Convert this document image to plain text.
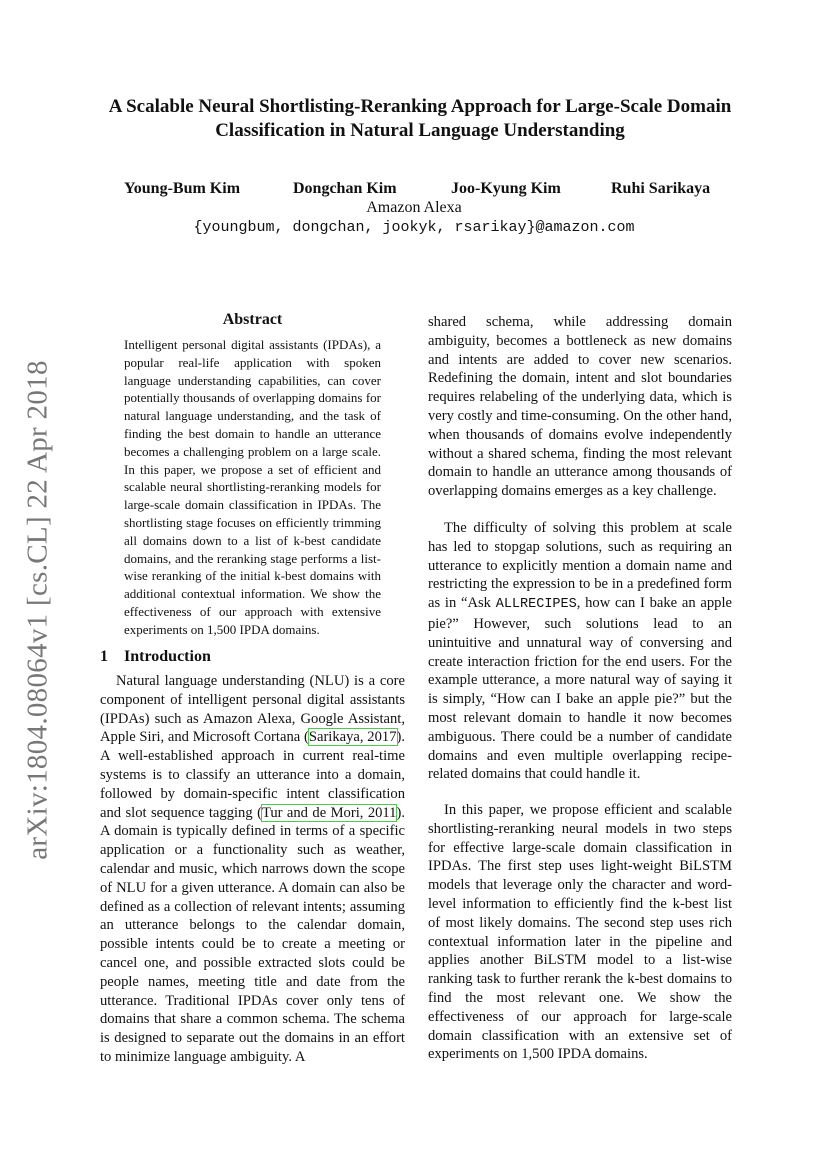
arXiv:1804.08064v1 [cs.CL] 22 Apr 2018
A Scalable Neural Shortlisting-Reranking Approach for Large-Scale Domain Classification in Natural Language Understanding
Young-Bum Kim	Dongchan Kim	Joo-Kyung Kim	Ruhi Sarikaya
Amazon Alexa
{youngbum, dongchan, jookyk, rsarikay}@amazon.com
Abstract

Intelligent personal digital assistants (IPDAs), a popular real-life application with spoken language understanding capabilities, can cover potentially thousands of overlapping domains for natural language understanding, and the task of finding the best domain to handle an utterance becomes a challenging problem on a large scale. In this paper, we propose a set of efficient and scalable neural shortlisting-reranking models for large-scale domain classification in IPDAs. The shortlisting stage focuses on efficiently trimming all domains down to a list of k-best candidate domains, and the reranking stage performs a list-wise reranking of the initial k-best domains with additional contextual information. We show the effectiveness of our approach with extensive experiments on 1,500 IPDA domains.

1 Introduction

Natural language understanding (NLU) is a core component of intelligent personal digital assistants (IPDAs) such as Amazon Alexa, Google Assistant, Apple Siri, and Microsoft Cortana (Sarikaya, 2017). A well-established approach in current real-time systems is to classify an utterance into a domain, followed by domain-specific intent classification and slot sequence tagging (Tur and de Mori, 2011). A domain is typically defined in terms of a specific application or a functionality such as weather, calendar and music, which narrows down the scope of NLU for a given utterance. A domain can also be defined as a collection of relevant intents; assuming an utterance belongs to the calendar domain, possible intents could be to create a meeting or cancel one, and possible extracted slots could be people names, meeting title and date from the utterance. Traditional IPDAs cover only tens of domains that share a common schema. The schema is designed to separate out the domains in an effort to minimize language ambiguity. A

shared schema, while addressing domain ambiguity, becomes a bottleneck as new domains and intents are added to cover new scenarios. Redefining the domain, intent and slot boundaries requires relabeling of the underlying data, which is very costly and time-consuming. On the other hand, when thousands of domains evolve independently without a shared schema, finding the most relevant domain to handle an utterance among thousands of overlapping domains emerges as a key challenge.

The difficulty of solving this problem at scale has led to stopgap solutions, such as requiring an utterance to explicitly mention a domain name and restricting the expression to be in a predefined form as in “Ask ALLRECIPES, how can I bake an apple pie?” However, such solutions lead to an unintuitive and unnatural way of conversing and create interaction friction for the end users. For the example utterance, a more natural way of saying it is simply, “How can I bake an apple pie?” but the most relevant domain to handle it now becomes ambiguous. There could be a number of candidate domains and even multiple overlapping recipe-related domains that could handle it.

In this paper, we propose efficient and scalable shortlisting-reranking neural models in two steps for effective large-scale domain classification in IPDAs. The first step uses light-weight BiLSTM models that leverage only the character and word-level information to efficiently find the k-best list of most likely domains. The second step uses rich contextual information later in the pipeline and applies another BiLSTM model to a list-wise ranking task to further rerank the k-best domains to find the most relevant one. We show the effectiveness of our approach for large-scale domain classification with an extensive set of experiments on 1,500 IPDA domains.
